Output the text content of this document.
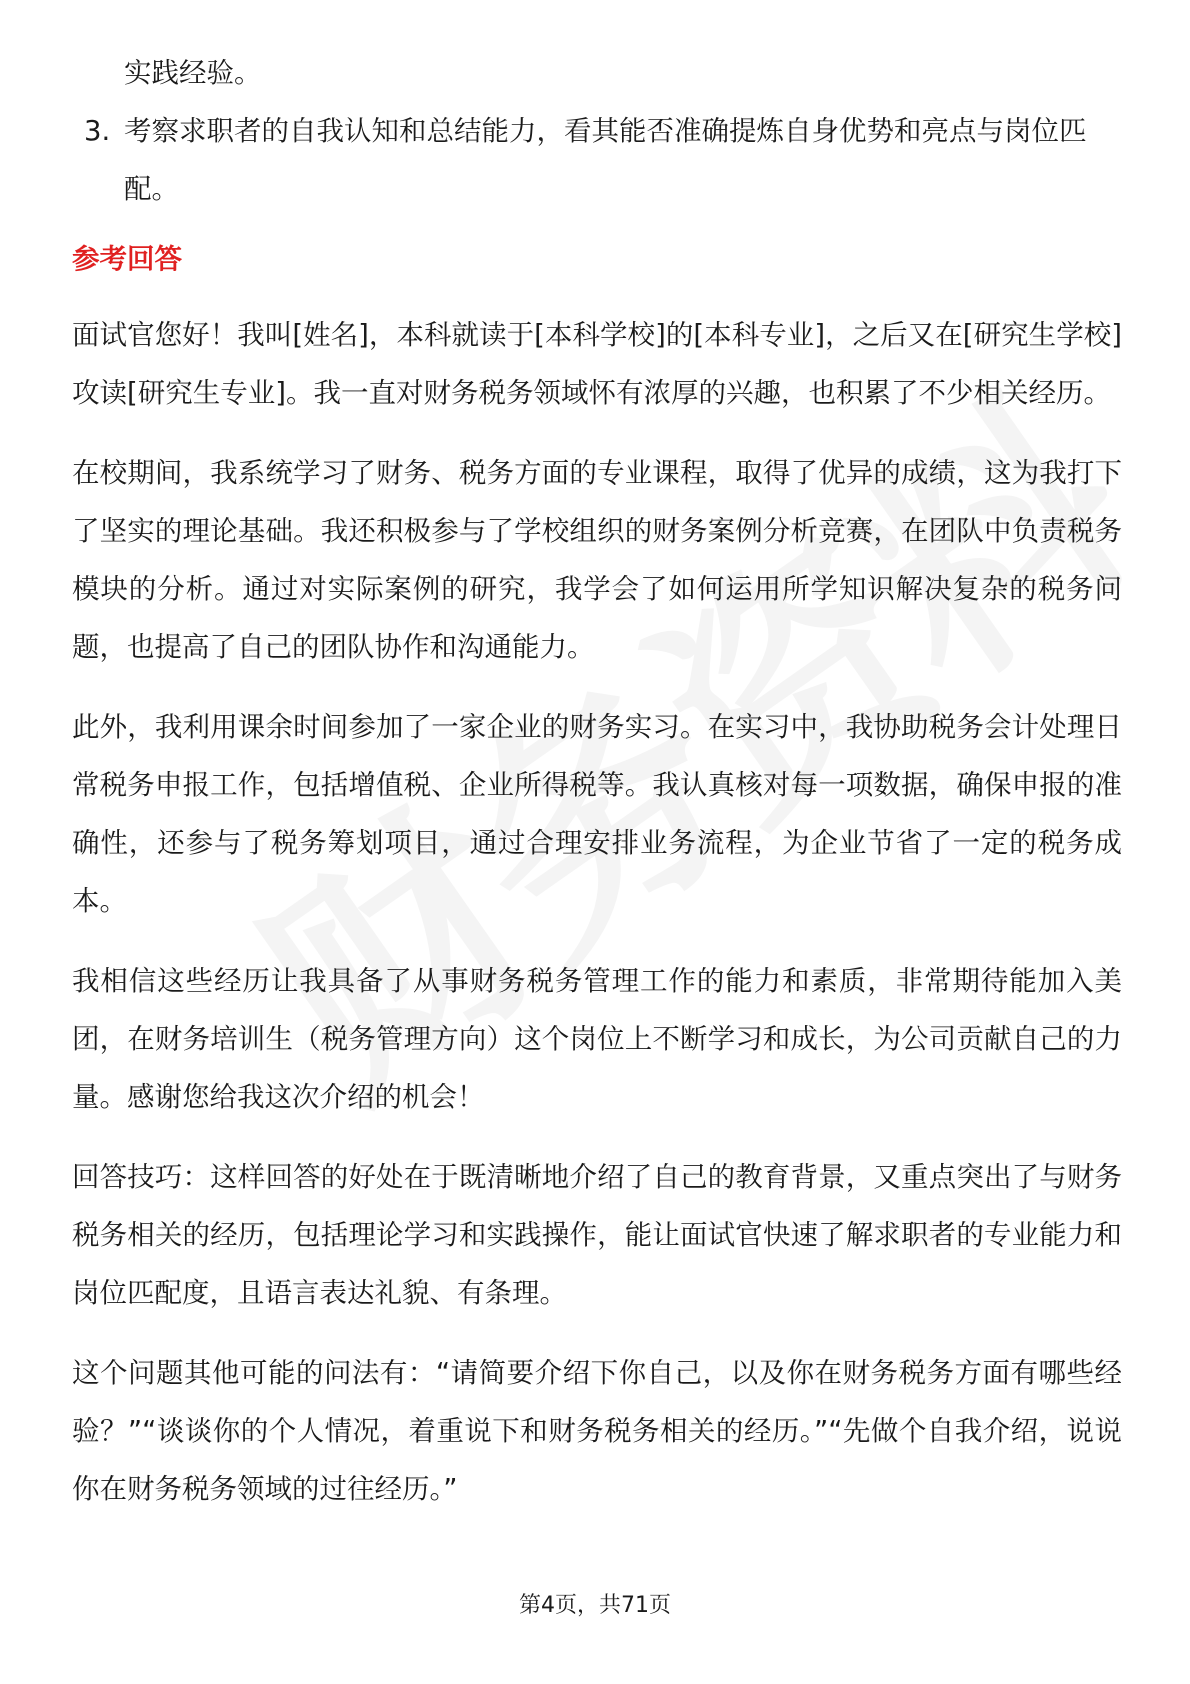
实践经验。

3. 考察求职者的自我认知和总结能力，看其能否准确提炼自身优势和亮点与岗位匹配。
参考回答

面试官您好！我叫[姓名]，本科就读于[本科学校]的[本科专业]，之后又在[研究生学校]攻读[研究生专业]。我一直对财务税务领域怀有浓厚的兴趣，也积累了不少相关经历。

在校期间，我系统学习了财务、税务方面的专业课程，取得了优异的成绩，这为我打下了坚实的理论基础。我还积极参与了学校组织的财务案例分析竞赛，在团队中负责税务模块的分析。通过对实际案例的研究，我学会了如何运用所学知识解决复杂的税务问题，也提高了自己的团队协作和沟通能力。

此外，我利用课余时间参加了一家企业的财务实习。在实习中，我协助税务会计处理日常税务申报工作，包括增值税、企业所得税等。我认真核对每一项数据，确保申报的准确性，还参与了税务筹划项目，通过合理安排业务流程，为企业节省了一定的税务成本。

我相信这些经历让我具备了从事财务税务管理工作的能力和素质，非常期待能加入美团，在财务培训生（税务管理方向）这个岗位上不断学习和成长，为公司贡献自己的力量。感谢您给我这次介绍的机会！

回答技巧：这样回答的好处在于既清晰地介绍了自己的教育背景，又重点突出了与财务税务相关的经历，包括理论学习和实践操作，能让面试官快速了解求职者的专业能力和岗位匹配度，且语言表达礼貌、有条理。

这个问题其他可能的问法有：“请简要介绍下你自己，以及你在财务税务方面有哪些经验？”“谈谈你的个人情况，着重说下和财务税务相关的经历。”“先做个自我介绍，说说你在财务税务领域的过往经历。”

第4页，共71页
